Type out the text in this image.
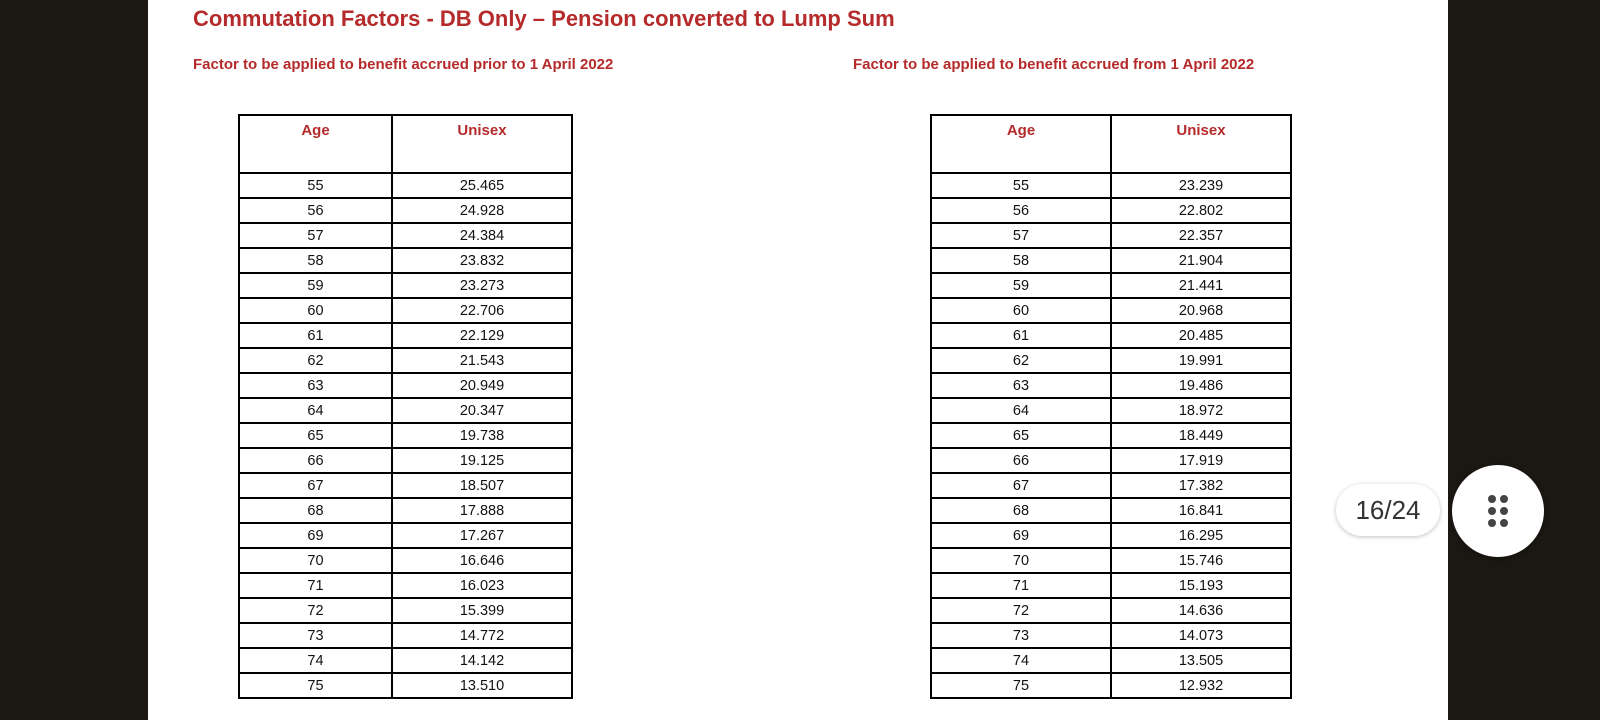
Commutation Factors - DB Only – Pension converted to Lump Sum
Factor to be applied to benefit accrued prior to 1 April 2022	Factor to be applied to benefit accrued from 1 April 2022
Age	Unisex
55	25.465
56	24.928
57	24.384
58	23.832
59	23.273
60	22.706
61	22.129
62	21.543
63	20.949
64	20.347
65	19.738
66	19.125
67	18.507
68	17.888
69	17.267
70	16.646
71	16.023
72	15.399
73	14.772
74	14.142
75	13.510
Age	Unisex
55	23.239
56	22.802
57	22.357
58	21.904
59	21.441
60	20.968
61	20.485
62	19.991
63	19.486
64	18.972
65	18.449
66	17.919
67	17.382
68	16.841
69	16.295
70	15.746
71	15.193
72	14.636
73	14.073
74	13.505
75	12.932
16/24
